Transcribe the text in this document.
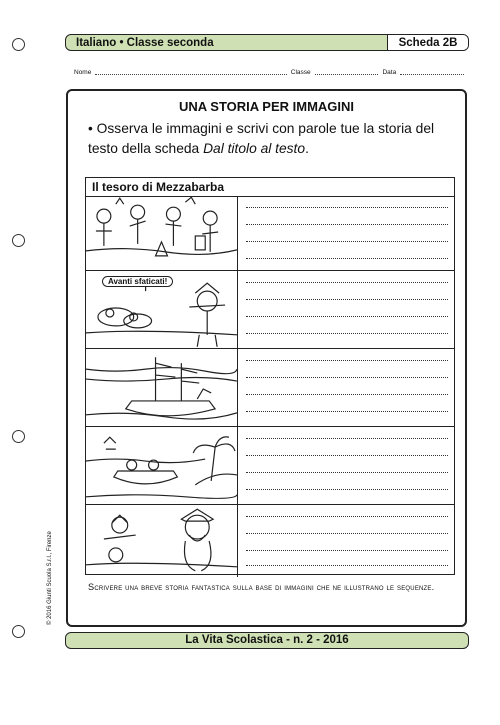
Italiano • Classe seconda	Scheda 2B
Nome	Classe	Data
UNA STORIA PER IMMAGINI
• Osserva le immagini e scrivi con parole tue la storia del testo della scheda Dal titolo al testo.
Il tesoro di Mezzabarba
Avanti sfaticati!
Scrivere una breve storia fantastica sulla base di immagini che ne illustrano le sequenze.
© 2016 Giunti Scuola S.r.l., Firenze
La Vita Scolastica - n. 2 - 2016
